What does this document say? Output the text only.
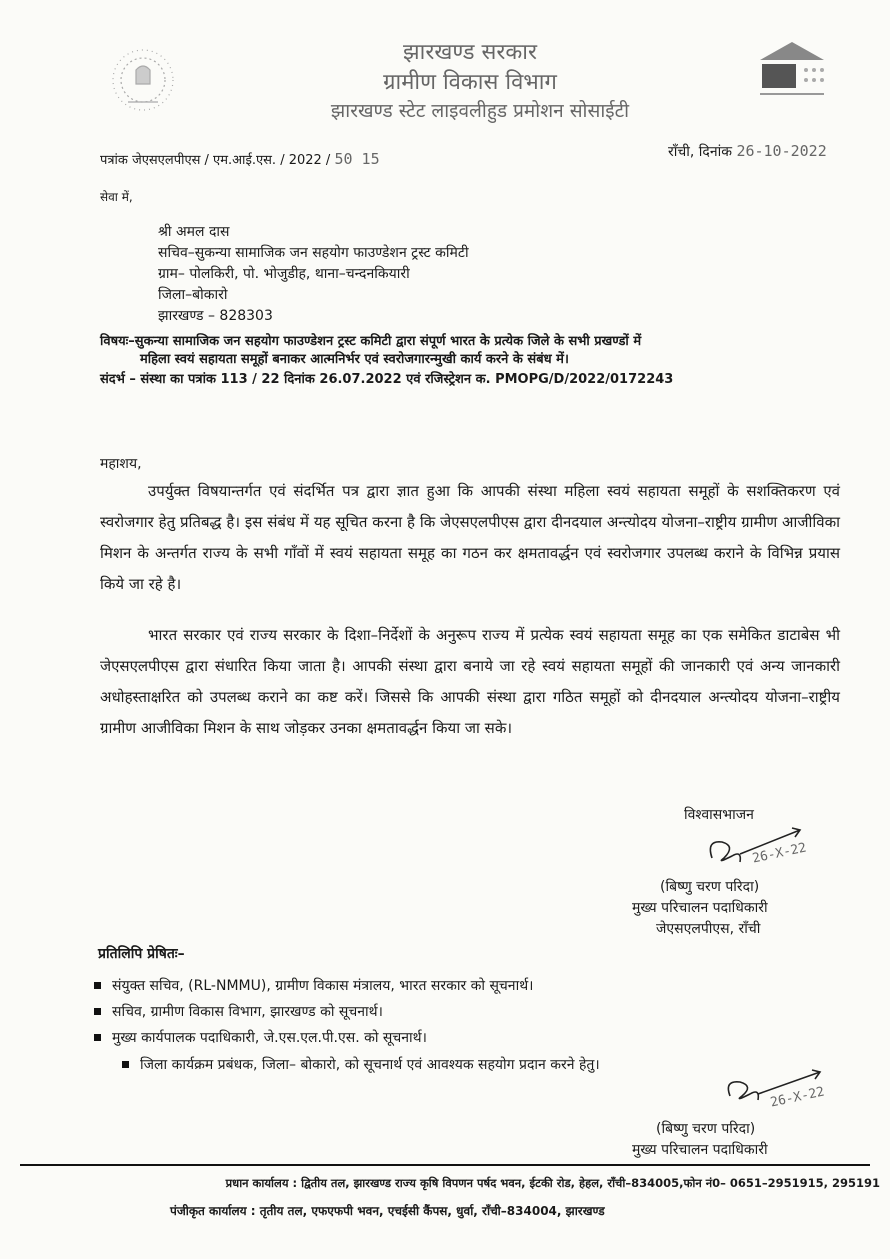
झारखण्ड सरकार
ग्रामीण विकास विभाग
झारखण्ड स्टेट लाइवलीहुड प्रमोशन सोसाईटी
पत्रांक जेएसएलपीएस / एम.आई.एस. / 2022 / 50 15	राँची, दिनांक 26-10-2022
सेवा में,
श्री अमल दास
सचिव–सुकन्या सामाजिक जन सहयोग फाउण्डेशन ट्रस्ट कमिटी
ग्राम– पोलकिरी, पो. भोजुडीह, थाना–चन्दनकियारी
जिला–बोकारो
झारखण्ड – 828303
विषयः–सुकन्या सामाजिक जन सहयोग फाउण्डेशन ट्रस्ट कमिटी द्वारा संपूर्ण भारत के प्रत्येक जिले के सभी प्रखण्डों में
महिला स्वयं सहायता समूहों बनाकर आत्मनिर्भर एवं स्वरोजगारन्मुखी कार्य करने के संबंध में।
संदर्भ – संस्था का पत्रांक 113 / 22 दिनांक 26.07.2022 एवं रजिस्ट्रेशन क. PMOPG/D/2022/0172243
महाशय,

उपर्युक्त विषयान्तर्गत एवं संदर्भित पत्र द्वारा ज्ञात हुआ कि आपकी संस्था महिला स्वयं सहायता समूहों के सशक्तिकरण एवं स्वरोजगार हेतु प्रतिबद्ध है। इस संबंध में यह सूचित करना है कि जेएसएलपीएस द्वारा दीनदयाल अन्त्योदय योजना–राष्ट्रीय ग्रामीण आजीविका मिशन के अन्तर्गत राज्य के सभी गाँवों में स्वयं सहायता समूह का गठन कर क्षमतावर्द्धन एवं स्वरोजगार उपलब्ध कराने के विभिन्न प्रयास किये जा रहे है।

भारत सरकार एवं राज्य सरकार के दिशा–निर्देशों के अनुरूप राज्य में प्रत्येक स्वयं सहायता समूह का एक समेकित डाटाबेस भी जेएसएलपीएस द्वारा संधारित किया जाता है। आपकी संस्था द्वारा बनाये जा रहे स्वयं सहायता समूहों की जानकारी एवं अन्य जानकारी अधोहस्ताक्षरित को उपलब्ध कराने का कष्ट करें। जिससे कि आपकी संस्था द्वारा गठित समूहों को दीनदयाल अन्त्योदय योजना–राष्ट्रीय ग्रामीण आजीविका मिशन के साथ जोड़कर उनका क्षमतावर्द्धन किया जा सके।

विश्वासभाजन
26-X-22
(बिष्णु चरण परिदा)
मुख्य परिचालन पदाधिकारी
जेएसएलपीएस, राँची
प्रतिलिपि प्रेषितः–
संयुक्त सचिव, (RL-NMMU), ग्रामीण विकास मंत्रालय, भारत सरकार को सूचनार्थ।
सचिव, ग्रामीण विकास विभाग, झारखण्ड को सूचनार्थ।
मुख्य कार्यपालक पदाधिकारी, जे.एस.एल.पी.एस. को सूचनार्थ।
जिला कार्यक्रम प्रबंधक, जिला– बोकारो, को सूचनार्थ एवं आवश्यक सहयोग प्रदान करने हेतु।
26-X-22
(बिष्णु चरण परिदा)
मुख्य परिचालन पदाधिकारी
प्रधान कार्यालय : द्वितीय तल, झारखण्ड राज्य कृषि विपणन पर्षद भवन, ईटकी रोड, हेहल, राँची–834005,फोन नं0– 0651–2951915, 295191
पंजीकृत कार्यालय : तृतीय तल, एफएफपी भवन, एचईसी कैंपस, धुर्वा, राँची–834004, झारखण्ड
